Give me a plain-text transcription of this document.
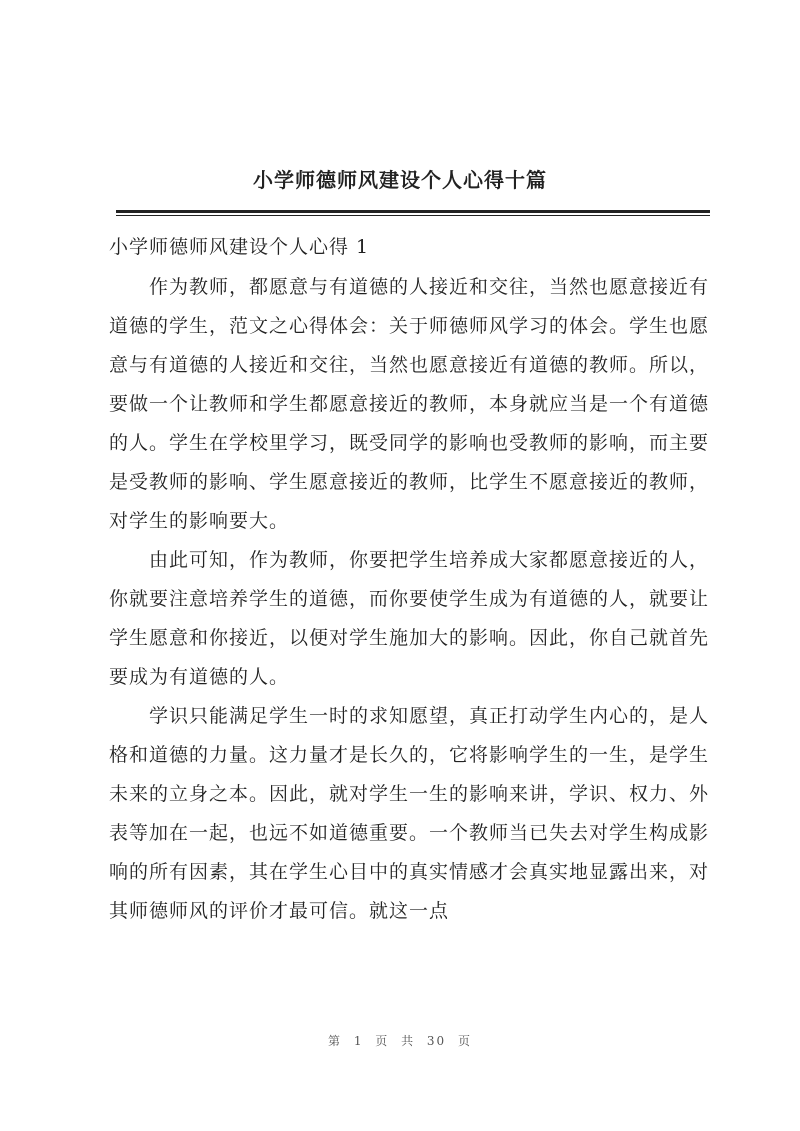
小学师德师风建设个人心得十篇
小学师德师风建设个人心得 1

作为教师，都愿意与有道德的人接近和交往，当然也愿意接近有道德的学生，范文之心得体会：关于师德师风学习的体会。学生也愿意与有道德的人接近和交往，当然也愿意接近有道德的教师。所以，要做一个让教师和学生都愿意接近的教师，本身就应当是一个有道德的人。学生在学校里学习，既受同学的影响也受教师的影响，而主要是受教师的影响、学生愿意接近的教师，比学生不愿意接近的教师，对学生的影响要大。

由此可知，作为教师，你要把学生培养成大家都愿意接近的人，你就要注意培养学生的道德，而你要使学生成为有道德的人，就要让学生愿意和你接近，以便对学生施加大的影响。因此，你自己就首先要成为有道德的人。

学识只能满足学生一时的求知愿望，真正打动学生内心的，是人格和道德的力量。这力量才是长久的，它将影响学生的一生，是学生未来的立身之本。因此，就对学生一生的影响来讲，学识、权力、外表等加在一起，也远不如道德重要。一个教师当已失去对学生构成影响的所有因素，其在学生心目中的真实情感才会真实地显露出来，对其师德师风的评价才最可信。就这一点

第 1 页 共 30 页
